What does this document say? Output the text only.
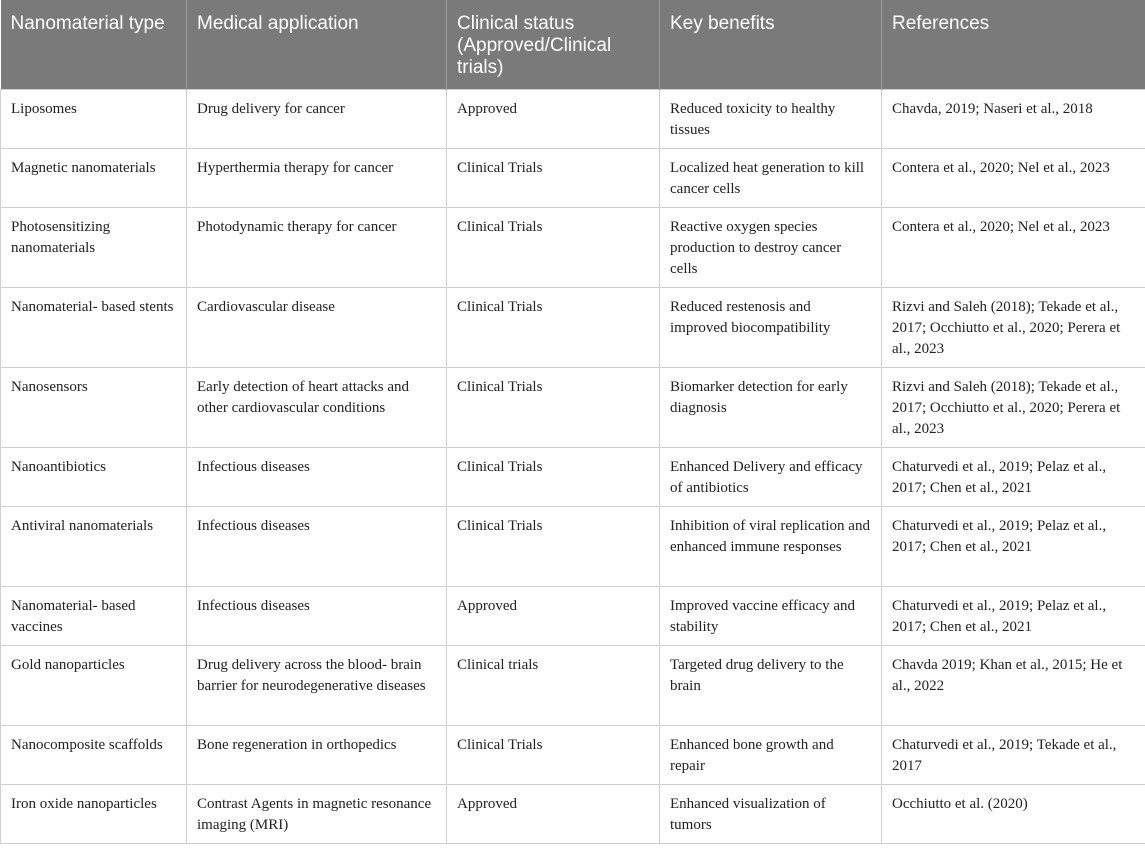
Nanomaterial type	Medical application	Clinical status (Approved/Clinical trials)	Key benefits	References
Liposomes	Drug delivery for cancer	Approved	Reduced toxicity to healthy tissues	Chavda, 2019; Naseri et al., 2018
Magnetic nanomaterials	Hyperthermia therapy for cancer	Clinical Trials	Localized heat generation to kill cancer cells	Contera et al., 2020; Nel et al., 2023
Photosensitizing nanomaterials	Photodynamic therapy for cancer	Clinical Trials	Reactive oxygen species production to destroy cancer cells	Contera et al., 2020; Nel et al., 2023
Nanomaterial- based stents	Cardiovascular disease	Clinical Trials	Reduced restenosis and improved biocompatibility	Rizvi and Saleh (2018); Tekade et al., 2017; Occhiutto et al., 2020; Perera et al., 2023
Nanosensors	Early detection of heart attacks and other cardiovascular conditions	Clinical Trials	Biomarker detection for early diagnosis	Rizvi and Saleh (2018); Tekade et al., 2017; Occhiutto et al., 2020; Perera et al., 2023
Nanoantibiotics	Infectious diseases	Clinical Trials	Enhanced Delivery and efficacy of antibiotics	Chaturvedi et al., 2019; Pelaz et al., 2017; Chen et al., 2021
Antiviral nanomaterials	Infectious diseases	Clinical Trials	Inhibition of viral replication and enhanced immune responses	Chaturvedi et al., 2019; Pelaz et al., 2017; Chen et al., 2021
Nanomaterial- based vaccines	Infectious diseases	Approved	Improved vaccine efficacy and stability	Chaturvedi et al., 2019; Pelaz et al., 2017; Chen et al., 2021
Gold nanoparticles	Drug delivery across the blood- brain barrier for neurodegenerative diseases	Clinical trials	Targeted drug delivery to the brain	Chavda 2019; Khan et al., 2015; He et al., 2022
Nanocomposite scaffolds	Bone regeneration in orthopedics	Clinical Trials	Enhanced bone growth and repair	Chaturvedi et al., 2019; Tekade et al., 2017
Iron oxide nanoparticles	Contrast Agents in magnetic resonance imaging (MRI)	Approved	Enhanced visualization of tumors	Occhiutto et al. (2020)
